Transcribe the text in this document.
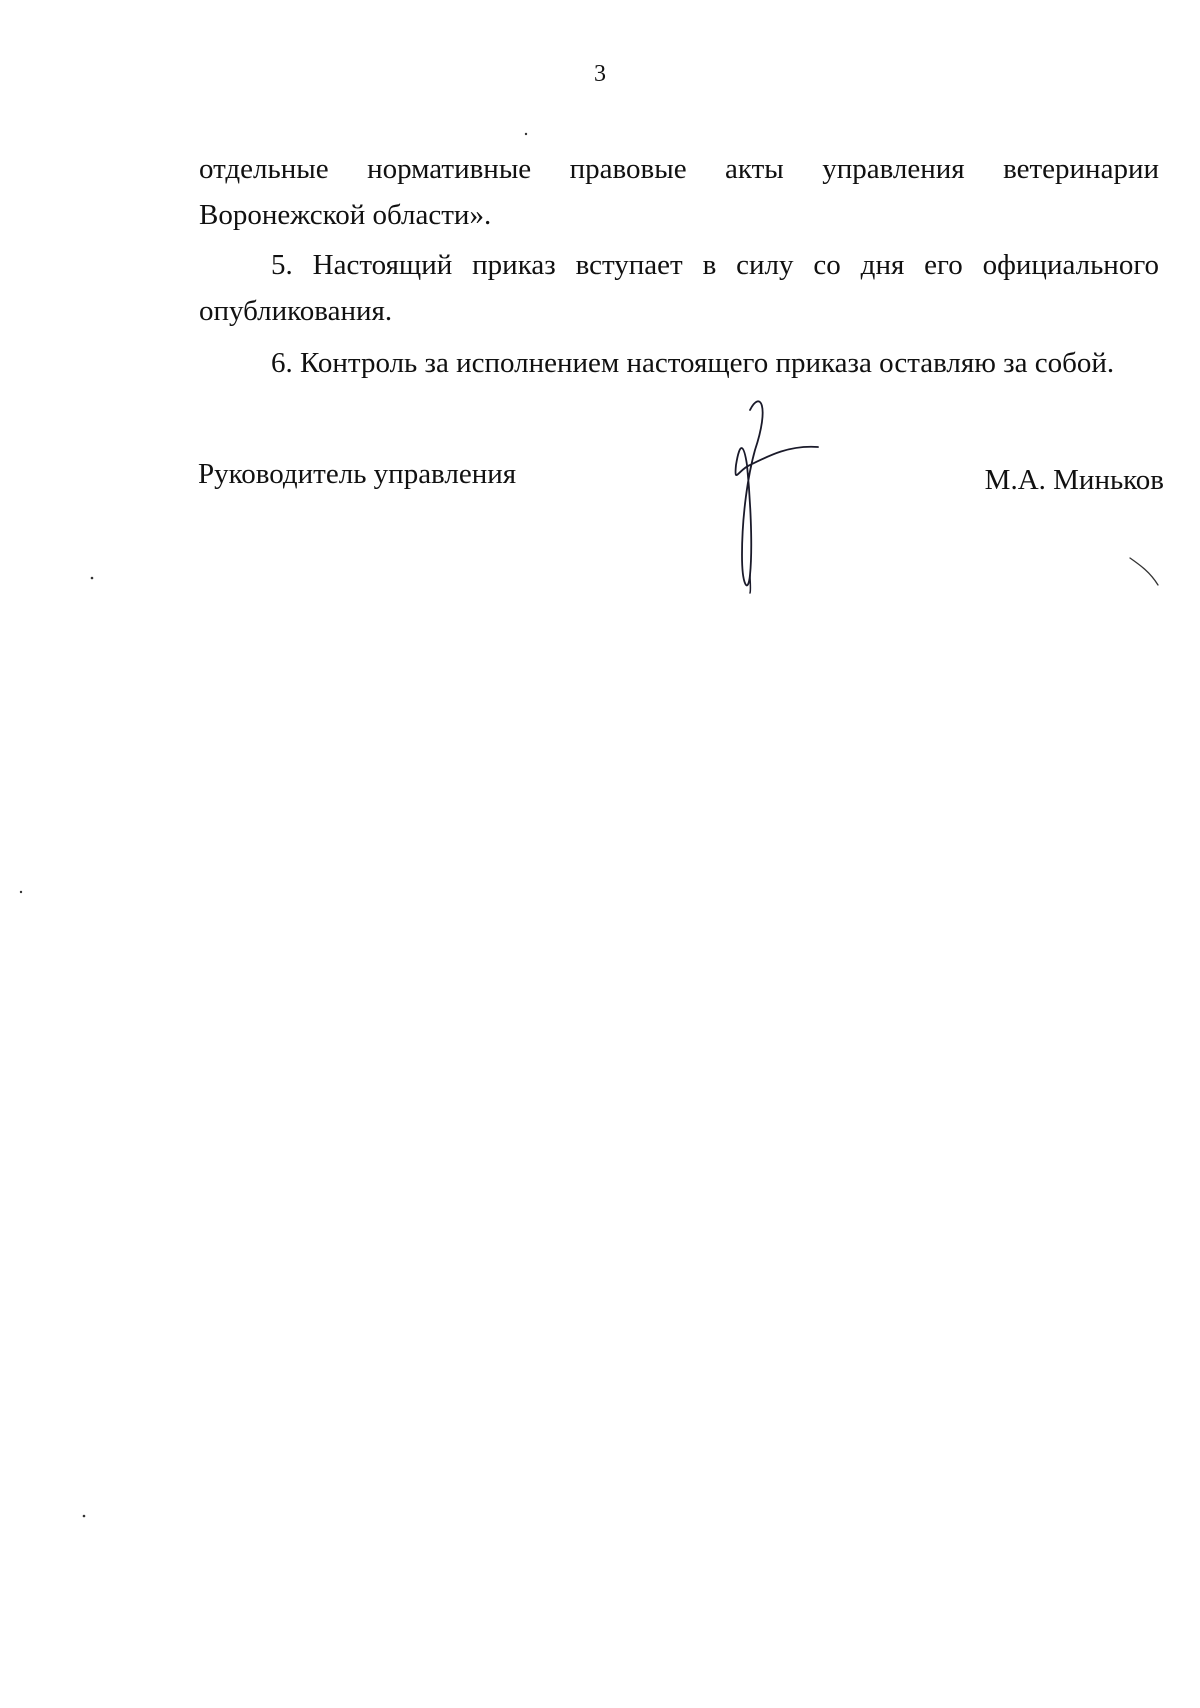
3
отдельные нормативные правовые акты управления ветеринарии Воронежской области».
5. Настоящий приказ вступает в силу со дня его официального опубликования.
6. Контроль за исполнением настоящего приказа оставляю за собой.
Руководитель управления	М.А. Миньков
